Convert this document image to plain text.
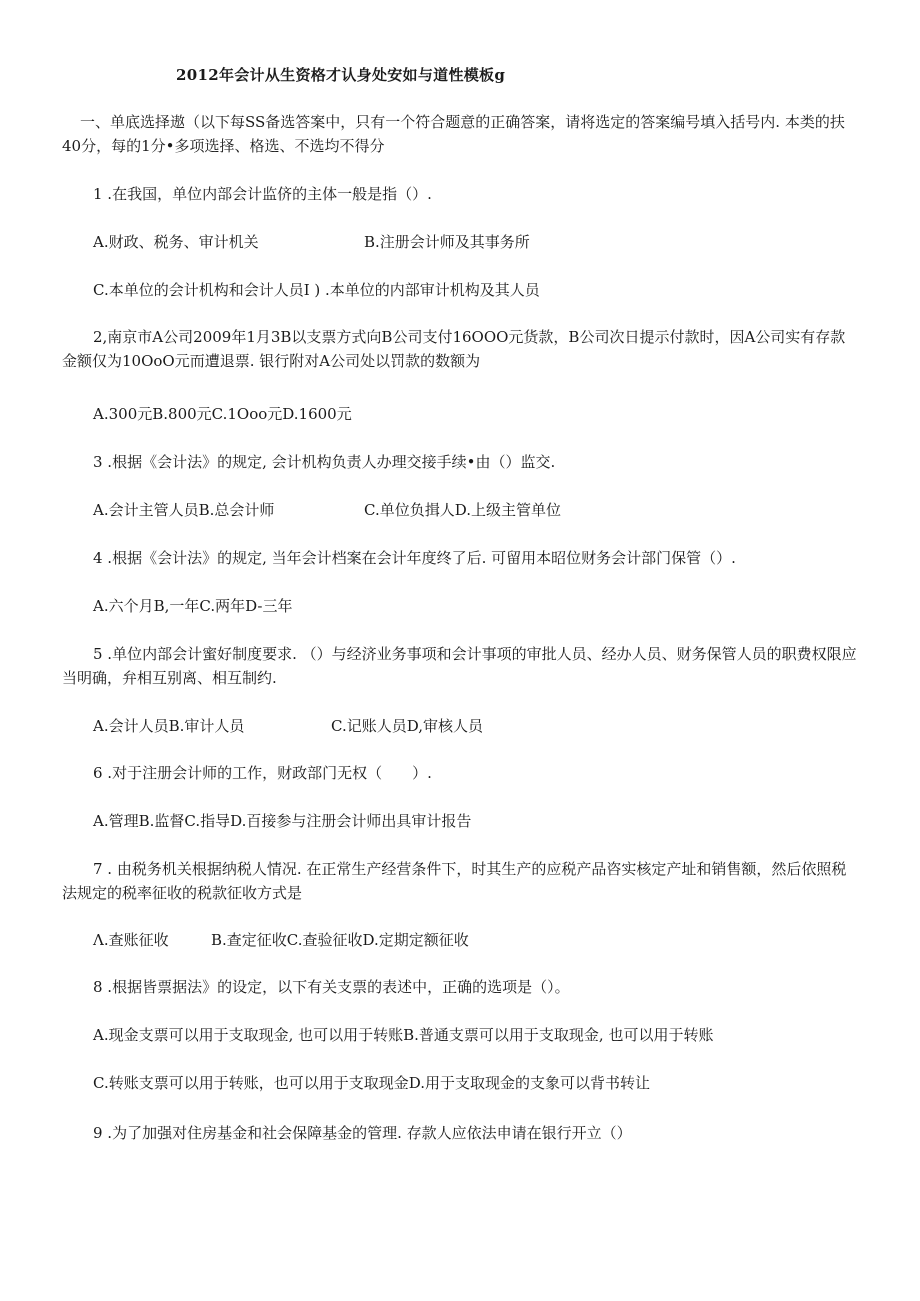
2012年会计从生资格才认身处安如与道性模板g
一、单底选择遨（以下每SS备选答案中，只有一个符合题意的正确答案，请将选定的答案编号填入括号内. 本类的扶40分，每的1分•多项选择、格选、不选均不得分
1 .在我国，单位内部会计监侪的主体一般是指（）.
A.财政、税务、审计机关	B.注册会计师及其事务所
C.本单位的会计机构和会计人员I ) .本单位的内部审计机构及其人员
2,南京市A公司2009年1月3B以支票方式向B公司支付16OOO元货款，B公司次日提示付款时，因A公司实有存款金额仅为10OoO元而遭退票. 银行附对A公司处以罚款的数额为
A.300元B.800元C.1Ooo元D.1600元
3 .根据《会计法》的规定, 会计机构负责人办理交接手续•由（）监交.
A.会计主管人员B.总会计师	C.单位负揖人D.上级主管单位
4 .根据《会计法》的规定, 当年会计档案在会计年度终了后. 可留用本昭位财务会计部门保管（）.
A.六个月B,一年C.两年D-三年
5 .单位内部会计蜜好制度要求. （）与经济业务事项和会计事项的审批人员、经办人员、财务保管人员的职费权限应当明确，弁相互别离、相互制约.
A.会计人员B.审计人员	C.记账人员D,审核人员
6 .对于注册会计师的工作，财政部门无权（　　）.
A.管理B.监督C.指导D.百接参与注册会计师出具审计报告
7 . 由税务机关根据纳税人情况. 在正常生产经营条件下，时其生产的应税产品咨实核定产址和销售额，然后依照税法规定的税率征收的税款征收方式是
Λ.查账征收	B.查定征收C.查验征收D.定期定额征收
8 .根据皆票据法》的设定，以下有关支票的表述中，正确的选项是（）。
A.现金支票可以用于支取现金, 也可以用于转账B.普通支票可以用于支取现金, 也可以用于转账
C.转账支票可以用于转账，也可以用于支取现金D.用于支取现金的支象可以背书转让
9 .为了加强对住房基金和社会保障基金的管理. 存款人应依法申请在银行开立（）
